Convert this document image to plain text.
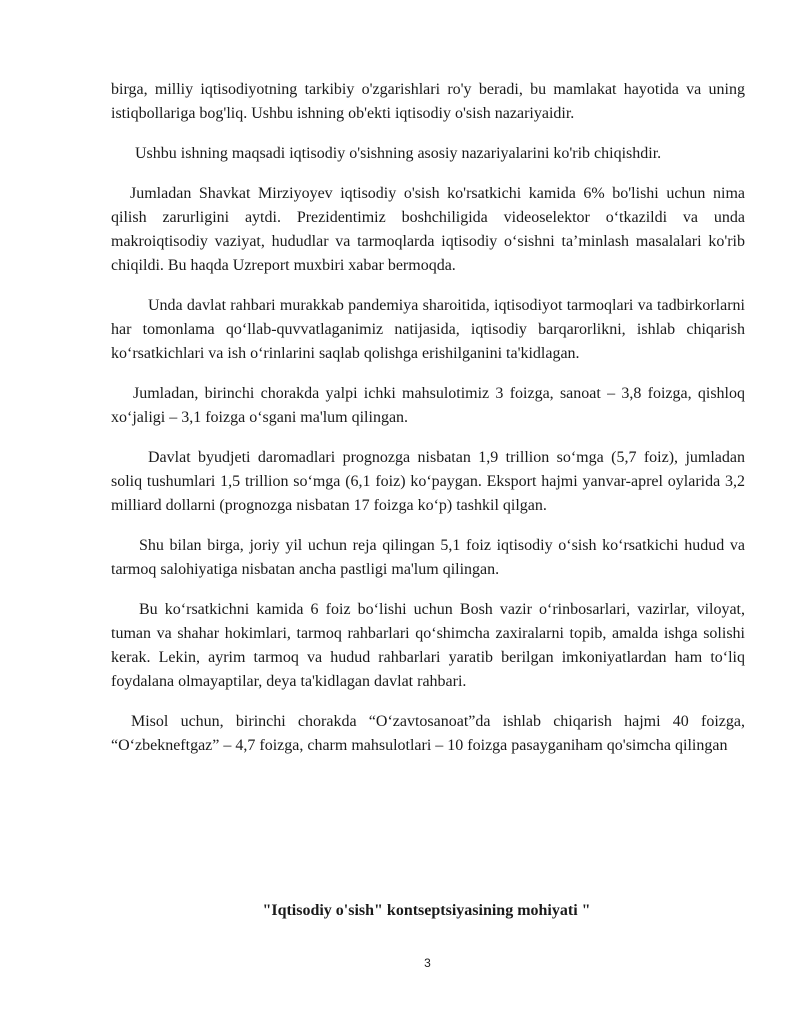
birga, milliy iqtisodiyotning tarkibiy o'zgarishlari ro'y beradi, bu mamlakat hayotida va uning istiqbollariga bog'liq. Ushbu ishning ob'ekti iqtisodiy o'sish nazariyaidir.

Ushbu ishning maqsadi iqtisodiy o'sishning asosiy nazariyalarini ko'rib chiqishdir.

Jumladan Shavkat Mirziyoyev iqtisodiy o'sish ko'rsatkichi kamida 6% bo'lishi uchun nima qilish zarurligini aytdi. Prezidentimiz boshchiligida videoselektor oʻtkazildi va unda makroiqtisodiy vaziyat, hududlar va tarmoqlarda iqtisodiy oʻsishni taʼminlash masalalari ko'rib chiqildi. Bu haqda Uzreport muxbiri xabar bermoqda.

Unda davlat rahbari murakkab pandemiya sharoitida, iqtisodiyot tarmoqlari va tadbirkorlarni har tomonlama qoʻllab-quvvatlaganimiz natijasida, iqtisodiy barqarorlikni, ishlab chiqarish koʻrsatkichlari va ish oʻrinlarini saqlab qolishga erishilganini ta'kidlagan.

Jumladan, birinchi chorakda yalpi ichki mahsulotimiz 3 foizga, sanoat – 3,8 foizga, qishloq xoʻjaligi – 3,1 foizga oʻsgani ma'lum qilingan.

Davlat byudjeti daromadlari prognozga nisbatan 1,9 trillion soʻmga (5,7 foiz), jumladan soliq tushumlari 1,5 trillion soʻmga (6,1 foiz) koʻpaygan. Eksport hajmi yanvar-aprel oylarida 3,2 milliard dollarni (prognozga nisbatan 17 foizga koʻp) tashkil qilgan.

Shu bilan birga, joriy yil uchun reja qilingan 5,1 foiz iqtisodiy oʻsish koʻrsatkichi hudud va tarmoq salohiyatiga nisbatan ancha pastligi ma'lum qilingan.

Bu koʻrsatkichni kamida 6 foiz boʻlishi uchun Bosh vazir oʻrinbosarlari, vazirlar, viloyat, tuman va shahar hokimlari, tarmoq rahbarlari qoʻshimcha zaxiralarni topib, amalda ishga solishi kerak. Lekin, ayrim tarmoq va hudud rahbarlari yaratib berilgan imkoniyatlardan ham toʻliq foydalana olmayaptilar, deya ta'kidlagan davlat rahbari.

Misol uchun, birinchi chorakda “Oʻzavtosanoat”da ishlab chiqarish hajmi 40 foizga, “Oʻzbekneftgaz” – 4,7 foizga, charm mahsulotlari – 10 foizga pasayganiham qo'simcha qilingan

"Iqtisodiy o'sish" kontseptsiyasining mohiyati "
3
